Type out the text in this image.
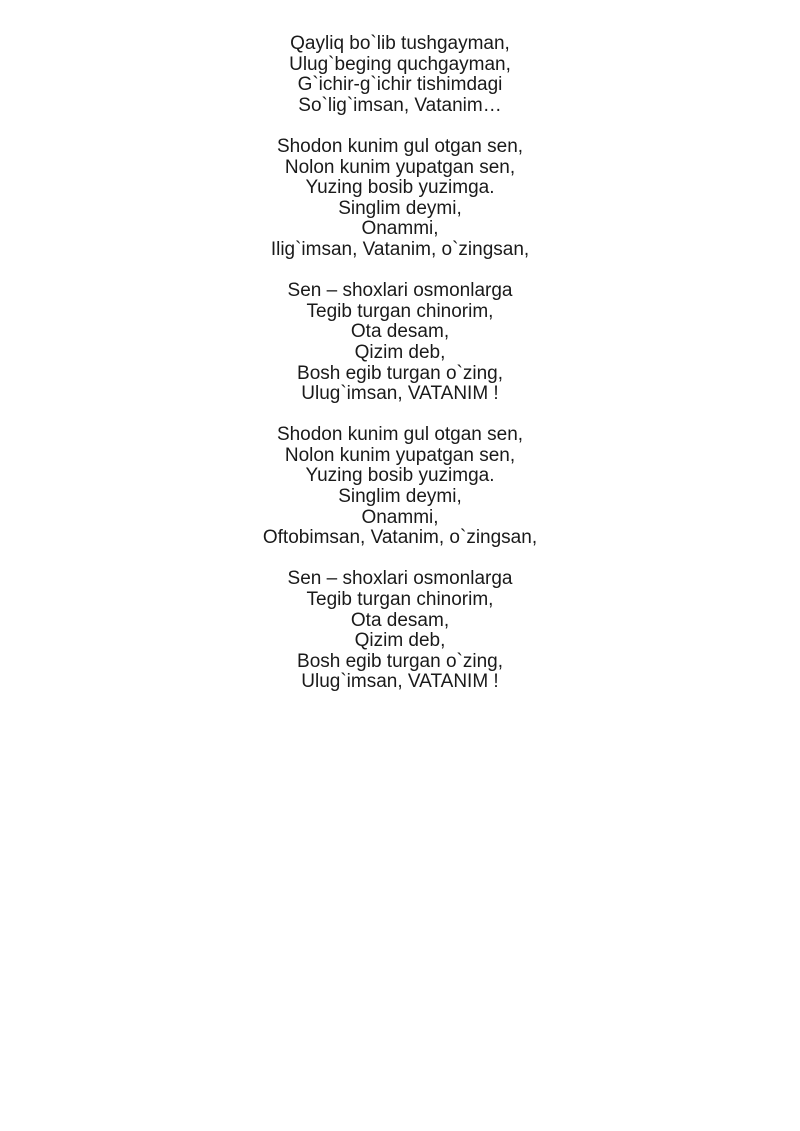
Qayliq bo`lib tushgayman,
Ulug`beging quchgayman,
G`ichir-g`ichir tishimdagi
So`lig`imsan, Vatanim…
Shodon kunim gul otgan sen,
Nolon kunim yupatgan sen,
Yuzing bosib yuzimga.
Singlim deymi,
Onammi,
Ilig`imsan, Vatanim, o`zingsan,
Sen – shoxlari osmonlarga
Tegib turgan chinorim,
Ota desam,
Qizim deb,
Bosh egib turgan o`zing,
Ulug`imsan, VATANIM !
Shodon kunim gul otgan sen,
Nolon kunim yupatgan sen,
Yuzing bosib yuzimga.
Singlim deymi,
Onammi,
Oftobimsan, Vatanim, o`zingsan,
Sen – shoxlari osmonlarga
Tegib turgan chinorim,
Ota desam,
Qizim deb,
Bosh egib turgan o`zing,
Ulug`imsan, VATANIM !
